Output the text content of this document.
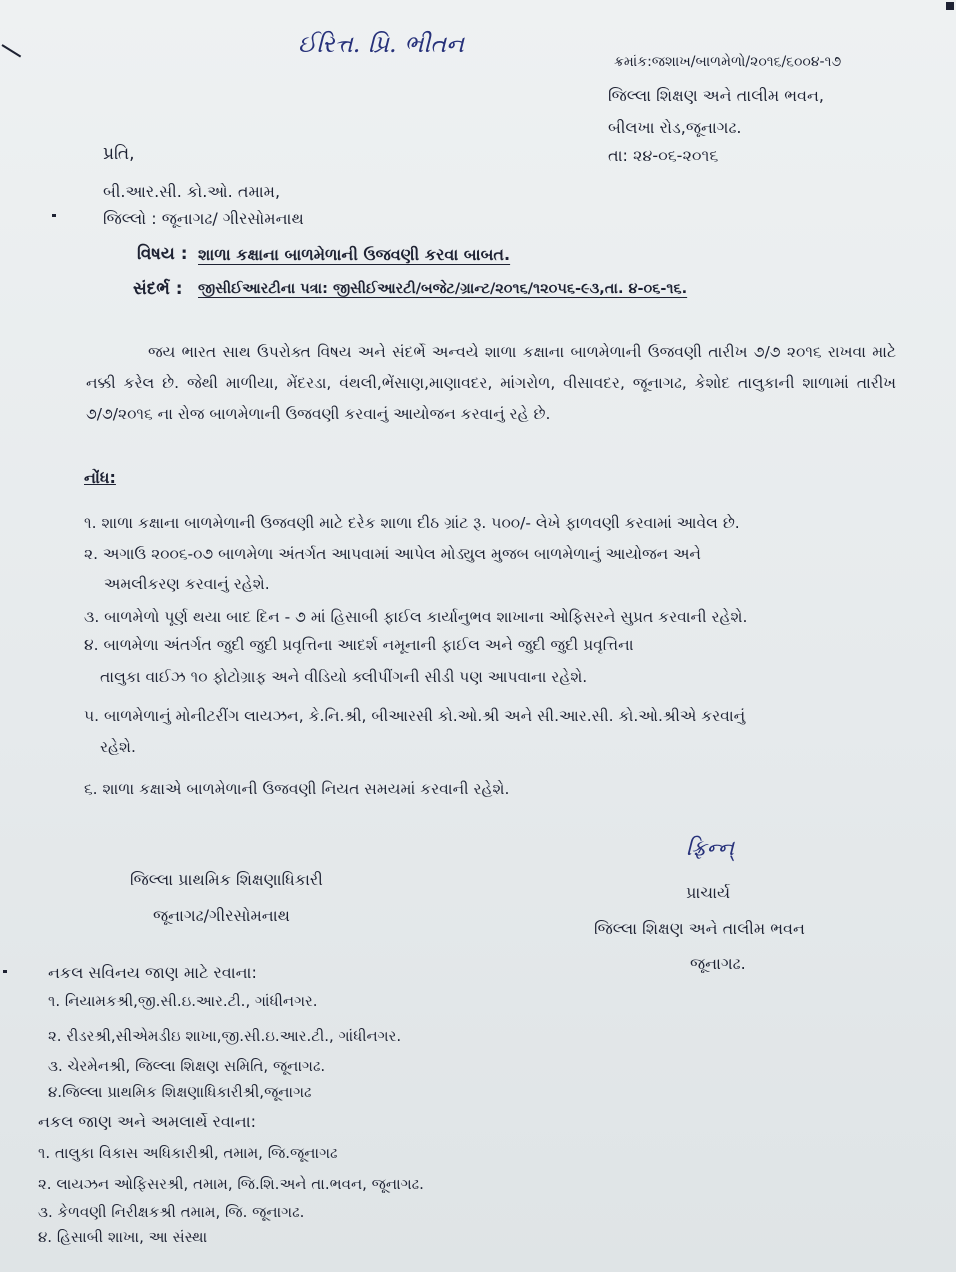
ઈરિત્ત. પ્રિ. ભીતન
ક્રમાંક:જશાખ/બાળમેળો/૨૦૧૬/૬૦૦૪-૧૭
જિલ્લા શિક્ષણ અને તાલીમ ભવન,
બીલખા રોડ,જૂનાગઢ.
તા: ૨૪-૦૬-૨૦૧૬
પ્રતિ,
બી.આર.સી. કો.ઓ. તમામ,
જિલ્લો : જૂનાગઢ/ ગીરસોમનાથ
વિષય : શાળા કક્ષાના બાળમેળાની ઉજવણી કરવા બાબત.
સંદર્ભ : જીસીઈઆરટીના પત્રા: જીસીઈઆરટી/બજેટ/ગ્રાન્ટ/૨૦૧૬/૧૨૦૫૬-૯૩,તા. ૪-૦૬-૧૬.
જય ભારત સાથ ઉપરોક્ત વિષય અને સંદર્ભે અન્વયે શાળા કક્ષાના બાળમેળાની ઉજવણી તારીખ ૭/૭ ૨૦૧૬ રાખવા માટે નક્કી કરેલ છે. જેથી માળીયા, મેંદરડા, વંથલી,ભેંસાણ,માણાવદર, માંગરોળ, વીસાવદર, જૂનાગઢ, કેશોદ તાલુકાની શાળામાં તારીખ ૭/૭/૨૦૧૬ ના રોજ બાળમેળાની ઉજવણી કરવાનું આયોજન કરવાનું રહે છે.
નોંધ:
૧. શાળા કક્ષાના બાળમેળાની ઉજવણી માટે દરેક શાળા દીઠ ગ્રાંટ રૂ. ૫૦૦/- લેખે ફાળવણી કરવામાં આવેલ છે.
૨. અગાઉ ૨૦૦૬-૦૭ બાળમેળા અંતર્ગત આપવામાં આપેલ મોડ્યુલ મુજબ બાળમેળાનું આયોજન અને
અમલીકરણ કરવાનું રહેશે.
૩. બાળમેળો પૂર્ણ થયા બાદ દિન - ૭ માં હિસાબી ફાઈલ કાર્યાનુભવ શાખાના ઓફિસરને સુપ્રત કરવાની રહેશે.
૪. બાળમેળા અંતર્ગત જુદી જુદી પ્રવૃત્તિના આદર્શ નમૂનાની ફાઈલ અને જુદી જુદી પ્રવૃત્તિના
તાલુકા વાઈઝ ૧૦ ફોટોગ્રાફ અને વીડિયો ક્લીપીંગની સીડી પણ આપવાના રહેશે.
૫. બાળમેળાનું મોનીટરીંગ લાયઝન, કે.નિ.શ્રી, બીઆરસી કો.ઓ.શ્રી અને સી.આર.સી. કો.ઓ.શ્રીએ કરવાનું
રહેશે.
૬. શાળા કક્ષાએ બાળમેળાની ઉજવણી નિયત સમયમાં કરવાની રહેશે.
ફ્રિન્‍ન્
જિલ્લા પ્રાથમિક શિક્ષણાધિકારી
જૂનાગઢ/ગીરસોમનાથ
પ્રાચાર્ય
જિલ્લા શિક્ષણ અને તાલીમ ભવન
જૂનાગઢ.
નકલ સવિનય જાણ માટે રવાના:
૧. નિયામકશ્રી,જી.સી.ઇ.આર.ટી., ગાંધીનગર.
૨. રીડરશ્રી,સીએમડીઇ શાખા,જી.સી.ઇ.આર.ટી., ગાંધીનગર.
૩. ચેરમેનશ્રી, જિલ્લા શિક્ષણ સમિતિ, જૂનાગઢ.
૪.જિલ્લા પ્રાથમિક શિક્ષણાધિકારીશ્રી,જૂનાગઢ
નકલ જાણ અને અમલાર્થે રવાના:
૧. તાલુકા વિકાસ અધિકારીશ્રી, તમામ, જિ.જૂનાગઢ
૨. લાયઝન ઓફિસરશ્રી, તમામ, જિ.શિ.અને તા.ભવન, જૂનાગઢ.
૩. કેળવણી નિરીક્ષકશ્રી તમામ, જિ. જૂનાગઢ.
૪. હિસાબી શાખા, આ સંસ્થા
